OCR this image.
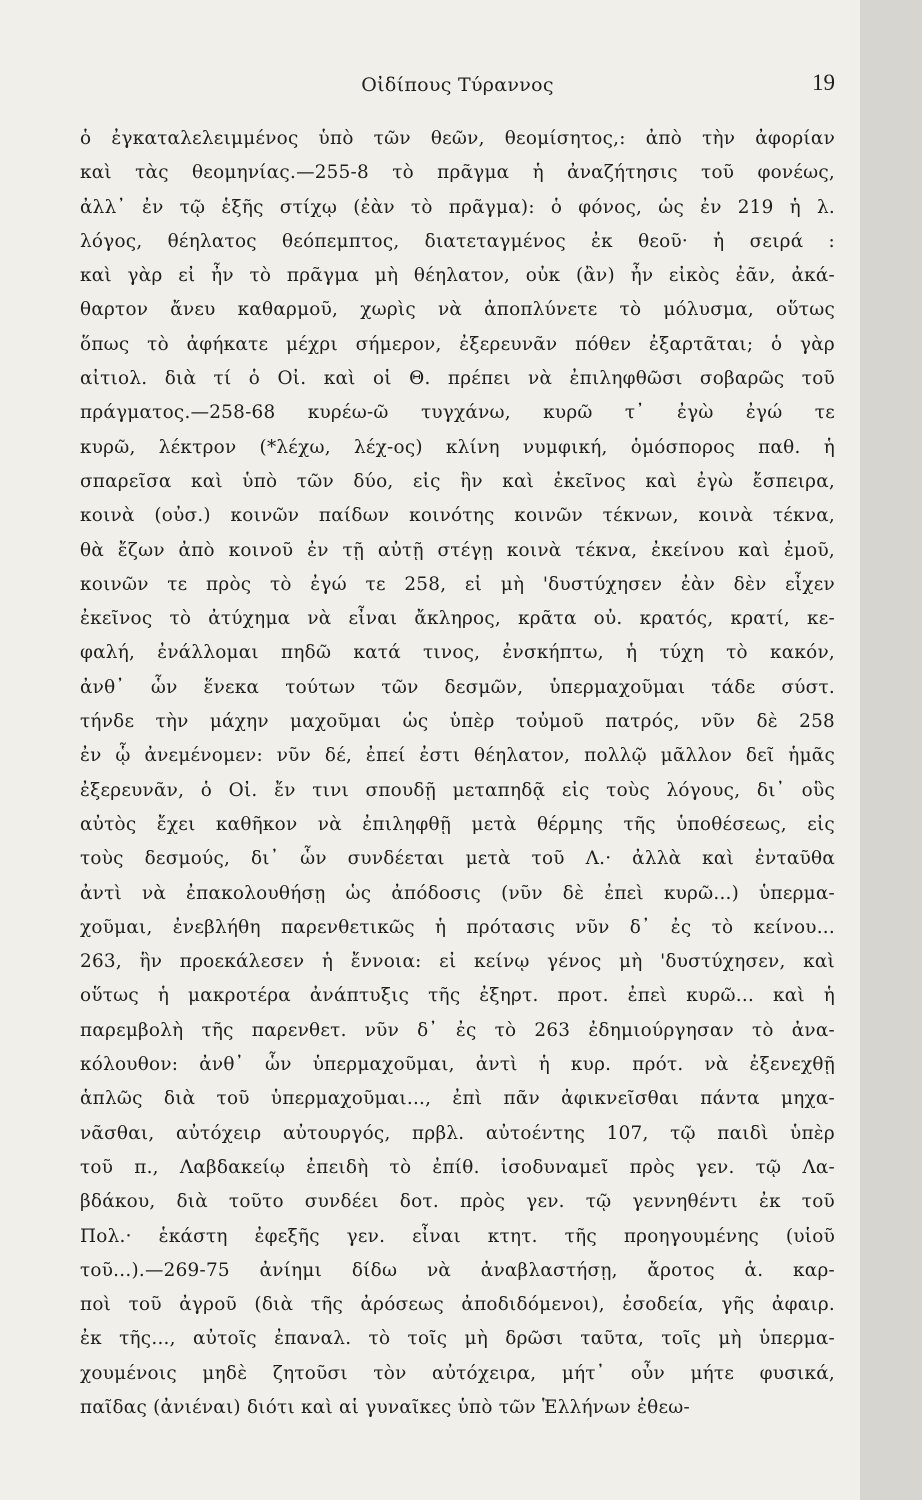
Οἰδίπους Τύραννος	19
ὁ ἐγκαταλελειμμένος ὑπὸ τῶν θεῶν, θεομίσητος,: ἀπὸ τὴν ἀφορίαν
καὶ τὰς θεομηνίας.—255-8 τὸ πρᾶγμα ἡ ἀναζήτησις τοῦ φονέως,
ἀλλ᾽ ἐν τῷ ἑξῆς στίχῳ (ἐὰν τὸ πρᾶγμα): ὁ φόνος, ὡς ἐν 219 ἡ λ.
λόγος, θέηλατος θεόπεμπτος, διατεταγμένος ἐκ θεοῦ· ἡ σειρά :
καὶ γὰρ εἰ ἦν τὸ πρᾶγμα μὴ θέηλατον, οὐκ (ἂν) ἦν εἰκὸς ἐᾶν, ἀκά-
θαρτον ἄνευ καθαρμοῦ, χωρὶς νὰ ἀποπλύνετε τὸ μόλυσμα, οὕτως
ὅπως τὸ ἀφήκατε μέχρι σήμερον, ἐξερευνᾶν πόθεν ἐξαρτᾶται; ὁ γὰρ
αἰτιολ. διὰ τί ὁ Οἰ. καὶ οἱ Θ. πρέπει νὰ ἐπιληφθῶσι σοβαρῶς τοῦ
πράγματος.—258-68 κυρέω-ῶ τυγχάνω, κυρῶ τ᾽ ἐγὼ ἐγώ τε
κυρῶ, λέκτρον (*λέχω, λέχ-ος) κλίνη νυμφική, ὁμόσπορος παθ. ἡ
σπαρεῖσα καὶ ὑπὸ τῶν δύο, εἰς ἣν καὶ ἐκεῖνος καὶ ἐγὼ ἔσπειρα,
κοινὰ (οὐσ.) κοινῶν παίδων κοινότης κοινῶν τέκνων, κοινὰ τέκνα,
θὰ ἔζων ἀπὸ κοινοῦ ἐν τῇ αὐτῇ στέγῃ κοινὰ τέκνα, ἐκείνου καὶ ἐμοῦ,
κοινῶν τε πρὸς τὸ ἐγώ τε 258, εἰ μὴ 'δυστύχησεν ἐὰν δὲν εἶχεν
ἐκεῖνος τὸ ἀτύχημα νὰ εἶναι ἄκληρος, κρᾶτα οὐ. κρατός, κρατί, κε-
φαλή, ἐνάλλομαι πηδῶ κατά τινος, ἐνσκήπτω, ἡ τύχη τὸ κακόν,
ἀνθ᾽ ὧν ἕνεκα τούτων τῶν δεσμῶν, ὑπερμαχοῦμαι τάδε σύστ.
τήνδε τὴν μάχην μαχοῦμαι ὡς ὑπὲρ τοὐμοῦ πατρός, νῦν δὲ 258
ἐν ᾧ ἀνεμένομεν: νῦν δέ, ἐπεί ἐστι θέηλατον, πολλῷ μᾶλλον δεῖ ἡμᾶς
ἐξερευνᾶν, ὁ Οἰ. ἔν τινι σπουδῇ μεταπηδᾷ εἰς τοὺς λόγους, δι᾽ οὓς
αὐτὸς ἔχει καθῆκον νὰ ἐπιληφθῇ μετὰ θέρμης τῆς ὑποθέσεως, εἰς
τοὺς δεσμούς, δι᾽ ὧν συνδέεται μετὰ τοῦ Λ.· ἀλλὰ καὶ ἐνταῦθα
ἀντὶ νὰ ἐπακολουθήσῃ ὡς ἀπόδοσις (νῦν δὲ ἐπεὶ κυρῶ...) ὑπερμα-
χοῦμαι, ἐνεβλήθη παρενθετικῶς ἡ πρότασις νῦν δ᾽ ἐς τὸ κείνου...
263, ἣν προεκάλεσεν ἡ ἔννοια: εἰ κείνῳ γένος μὴ 'δυστύχησεν, καὶ
οὕτως ἡ μακροτέρα ἀνάπτυξις τῆς ἐξηρτ. προτ. ἐπεὶ κυρῶ... καὶ ἡ
παρεμβολὴ τῆς παρενθετ. νῦν δ᾽ ἐς τὸ 263 ἐδημιούργησαν τὸ ἀνα-
κόλουθον: ἀνθ᾽ ὧν ὑπερμαχοῦμαι, ἀντὶ ἡ κυρ. πρότ. νὰ ἐξενεχθῇ
ἁπλῶς διὰ τοῦ ὑπερμαχοῦμαι..., ἐπὶ πᾶν ἀφικνεῖσθαι πάντα μηχα-
νᾶσθαι, αὐτόχειρ αὐτουργός, πρβλ. αὐτοέντης 107, τῷ παιδὶ ὑπὲρ
τοῦ π., Λαβδακείῳ ἐπειδὴ τὸ ἐπίθ. ἰσοδυναμεῖ πρὸς γεν. τῷ Λα-
βδάκου, διὰ τοῦτο συνδέει δοτ. πρὸς γεν. τῷ γεννηθέντι ἐκ τοῦ
Πολ.· ἑκάστη ἐφεξῆς γεν. εἶναι κτητ. τῆς προηγουμένης (υἱοῦ
τοῦ...).—269-75 ἀνίημι δίδω νὰ ἀναβλαστήσῃ, ἄροτος ἁ. καρ-
ποὶ τοῦ ἀγροῦ (διὰ τῆς ἀρόσεως ἀποδιδόμενοι), ἐσοδεία, γῆς ἀφαιρ.
ἐκ τῆς..., αὐτοῖς ἐπαναλ. τὸ τοῖς μὴ δρῶσι ταῦτα, τοῖς μὴ ὑπερμα-
χουμένοις μηδὲ ζητοῦσι τὸν αὐτόχειρα, μήτ᾽ οὖν μήτε φυσικά,
παῖδας (ἀνιέναι) διότι καὶ αἱ γυναῖκες ὑπὸ τῶν Ἑλλήνων ἐθεω-
